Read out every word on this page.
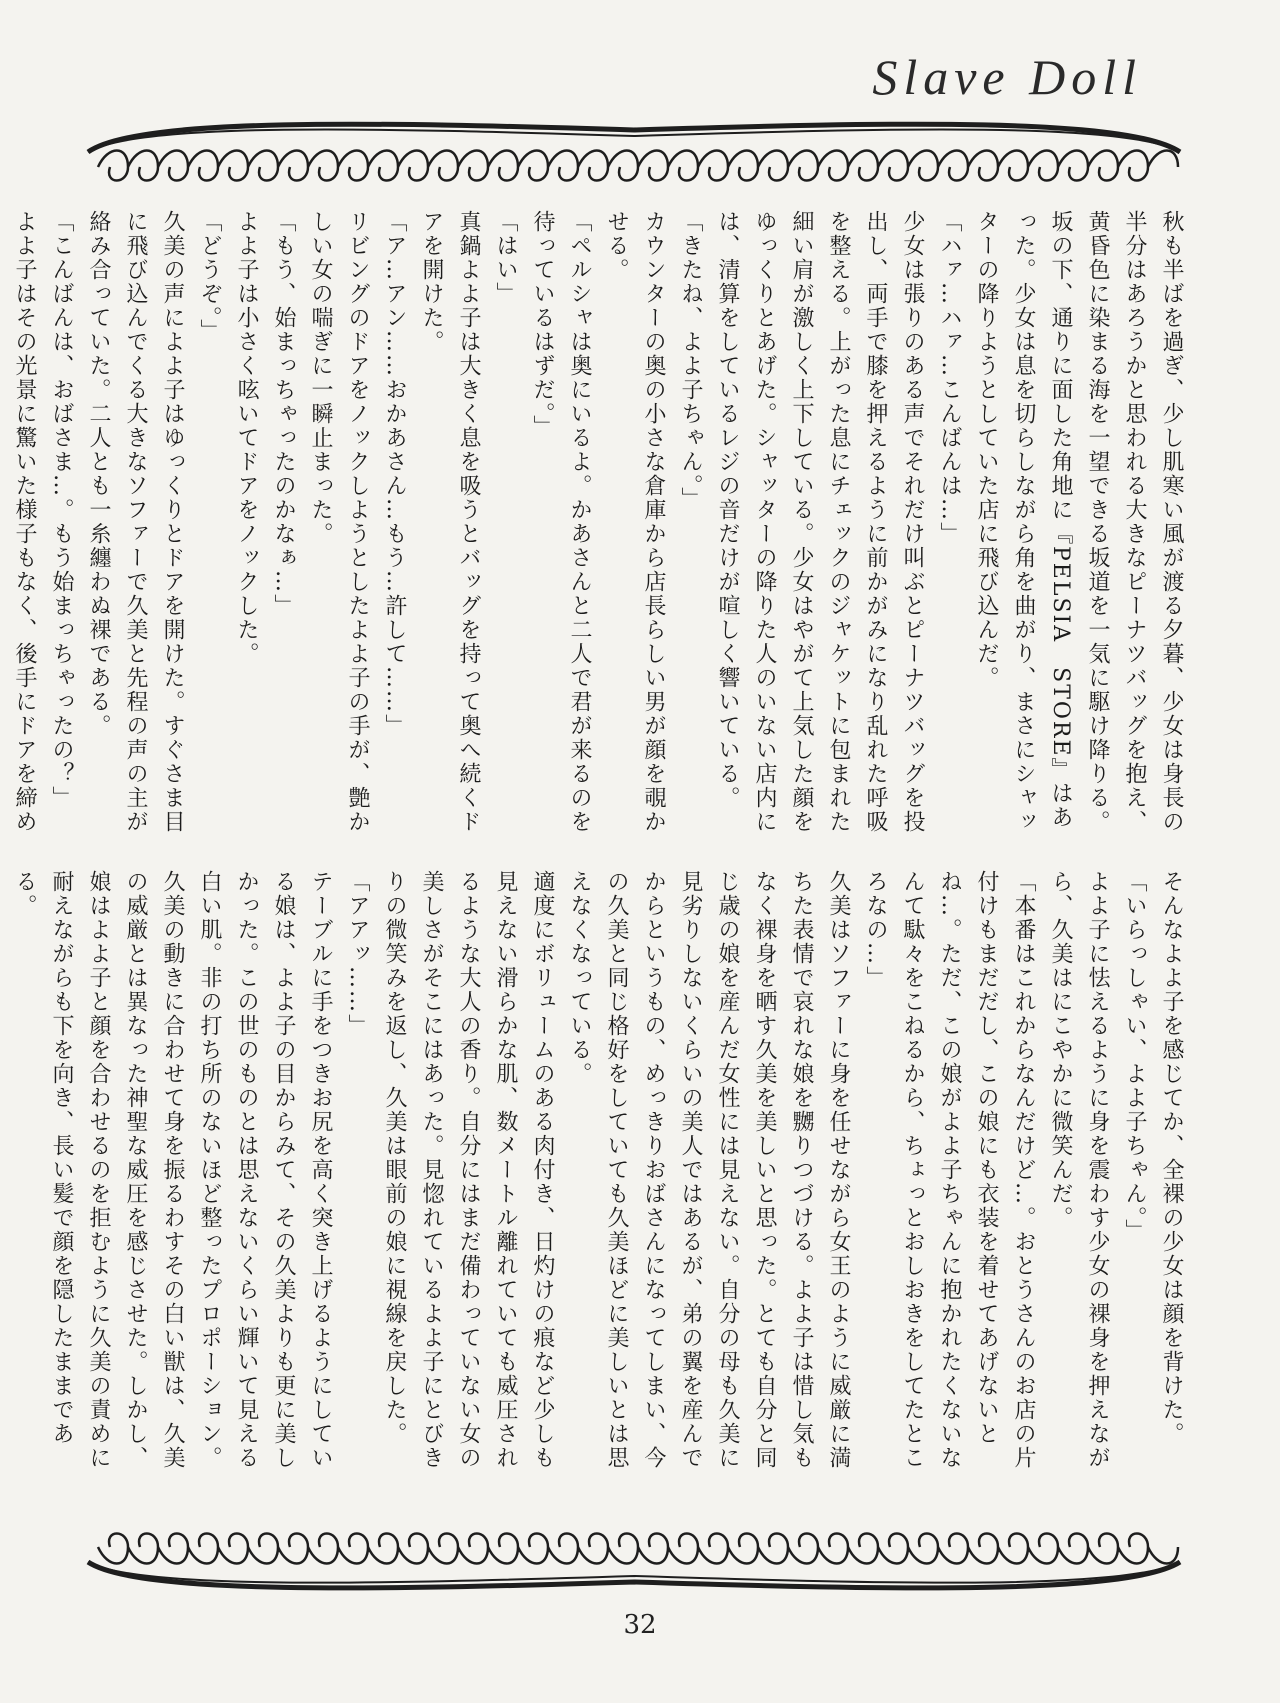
Slave Doll
秋も半ばを過ぎ、少し肌寒い風が渡る夕暮、少女は身長の半分はあろうかと思われる大きなピーナツバッグを抱え、黄昏色に染まる海を一望できる坂道を一気に駆け降りる。坂の下、通りに面した角地に『PELSIA　STORE』はあった。少女は息を切らしながら角を曲がり、まさにシャッターの降りようとしていた店に飛び込んだ。
「ハァ…ハァ…こんばんは…」
少女は張りのある声でそれだけ叫ぶとピーナツバッグを投出し、両手で膝を押えるように前かがみになり乱れた呼吸を整える。上がった息にチェックのジャケットに包まれた細い肩が激しく上下している。少女はやがて上気した顔をゆっくりとあげた。シャッターの降りた人のいない店内には、清算をしているレジの音だけが喧しく響いている。
「きたね、よよ子ちゃん。」
カウンターの奥の小さな倉庫から店長らしい男が顔を覗かせる。
「ペルシャは奥にいるよ。かあさんと二人で君が来るのを待っているはずだ。」
「はい」
真鍋よよ子は大きく息を吸うとバッグを持って奥へ続くドアを開けた。
「ア…アン……おかあさん…もう…許して……」
リビングのドアをノックしようとしたよよ子の手が、艶かしい女の喘ぎに一瞬止まった。
「もう、始まっちゃったのかなぁ…」
よよ子は小さく呟いてドアをノックした。
「どうぞ。」
久美の声によよ子はゆっくりとドアを開けた。すぐさま目に飛び込んでくる大きなソファーで久美と先程の声の主が絡み合っていた。二人とも一糸纏わぬ裸である。
「こんばんは、おばさま…。もう始まっちゃったの？」
よよ子はその光景に驚いた様子もなく、後手にドアを締め

そんなよよ子を感じてか、全裸の少女は顔を背けた。
「いらっしゃい、よよ子ちゃん。」
よよ子に怯えるように身を震わす少女の裸身を押えながら、久美はにこやかに微笑んだ。
「本番はこれからなんだけど…。おとうさんのお店の片付けもまだだし、この娘にも衣装を着せてあげないとね…。ただ、この娘がよよ子ちゃんに抱かれたくないなんて駄々をこねるから、ちょっとおしおきをしてたところなの…」
久美はソファーに身を任せながら女王のように威厳に満ちた表情で哀れな娘を嬲りつづける。よよ子は惜し気もなく裸身を晒す久美を美しいと思った。とても自分と同じ歳の娘を産んだ女性には見えない。自分の母も久美に見劣りしないくらいの美人ではあるが、弟の翼を産んでからというもの、めっきりおばさんになってしまい、今の久美と同じ格好をしていても久美ほどに美しいとは思えなくなっている。
適度にボリュームのある肉付き、日灼けの痕など少しも見えない滑らかな肌、数メートル離れていても威圧されるような大人の香り。自分にはまだ備わっていない女の美しさがそこにはあった。見惚れているよよ子にとびきりの微笑みを返し、久美は眼前の娘に視線を戻した。
「アアッ……」
テーブルに手をつきお尻を高く突き上げるようにしている娘は、よよ子の目からみて、その久美よりも更に美しかった。この世のものとは思えないくらい輝いて見える白い肌。非の打ち所のないほど整ったプロポーション。久美の動きに合わせて身を振るわすその白い獣は、久美の威厳とは異なった神聖な威圧を感じさせた。しかし、娘はよよ子と顔を合わせるのを拒むように久美の責めに耐えながらも下を向き、長い髪で顔を隠したままである。

32
